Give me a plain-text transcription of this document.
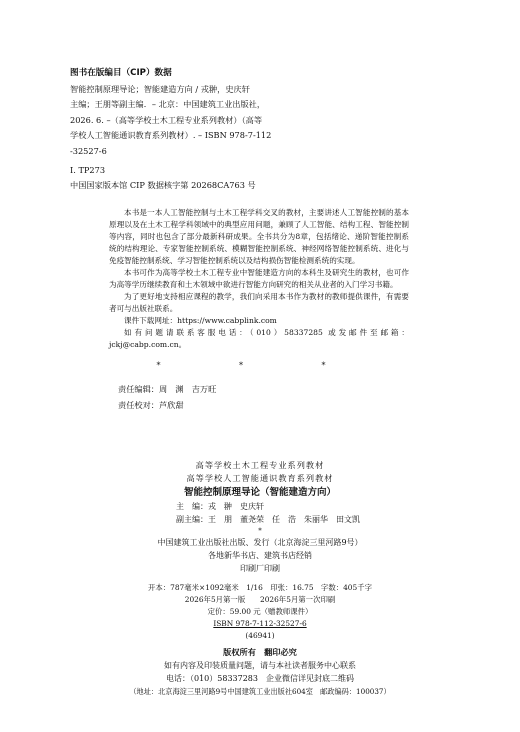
图书在版编目（CIP）数据
智能控制原理导论；智能建造方向 / 戎翀，史庆轩
主编；王朋等副主编．– 北京：中国建筑工业出版社，
2026. 6. –（高等学校土木工程专业系列教材）（高等
学校人工智能通识教育系列教材）. – ISBN 978-7-112
-32527-6
Ⅰ. TP273
中国国家版本馆 CIP 数据核字第 20268CA763 号

本书是一本人工智能控制与土木工程学科交叉的教材，主要讲述人工智能控制的基本原理以及在土木工程学科领域中的典型应用问题，兼顾了人工智能、结构工程、智能控制等内容，同时也包含了部分最新科研成果。全书共分为8章，包括绪论、递阶智能控制系统的结构理论、专家智能控制系统、模糊智能控制系统、神经网络智能控制系统、进化与免疫智能控制系统、学习智能控制系统以及结构损伤智能检测系统的实现。

本书可作为高等学校土木工程专业中智能建造方向的本科生及研究生的教材，也可作为高等学历继续教育和土木领域中欲进行智能方向研究的相关从业者的入门学习书籍。

为了更好地支持相应课程的教学，我们向采用本书作为教材的教师提供课件，有需要者可与出版社联系。

课件下载网址：https://www.cabplink.com

如有问题请联系客服电话：（010）58337285 或发邮件至邮箱：jckj@cabp.com.cn。

* * *
责任编辑：周　渊　吉万旺
责任校对：芦欣甜
高等学校土木工程专业系列教材
高等学校人工智能通识教育系列教材
智能控制原理导论（智能建造方向）
主　编：戎　翀　史庆轩
副主编：王　朋　董尧荣　任　浩　朱丽华　田文凯
*
中国建筑工业出版社出版、发行（北京海淀三里河路9号）
各地新华书店、建筑书店经销
印刷厂印刷
开本：787毫米×1092毫米　1/16　印张：16.75　字数：405千字
2026年5月第一版　　2026年5月第一次印刷
定价：59.00 元（赠教师课件）
ISBN 978-7-112-32527-6
(46941)
版权所有　翻印必究
如有内容及印装质量问题，请与本社读者服务中心联系
电话：（010）58337283　企业微信详见封底二维码
（地址：北京海淀三里河路9号中国建筑工业出版社604室　邮政编码：100037）
